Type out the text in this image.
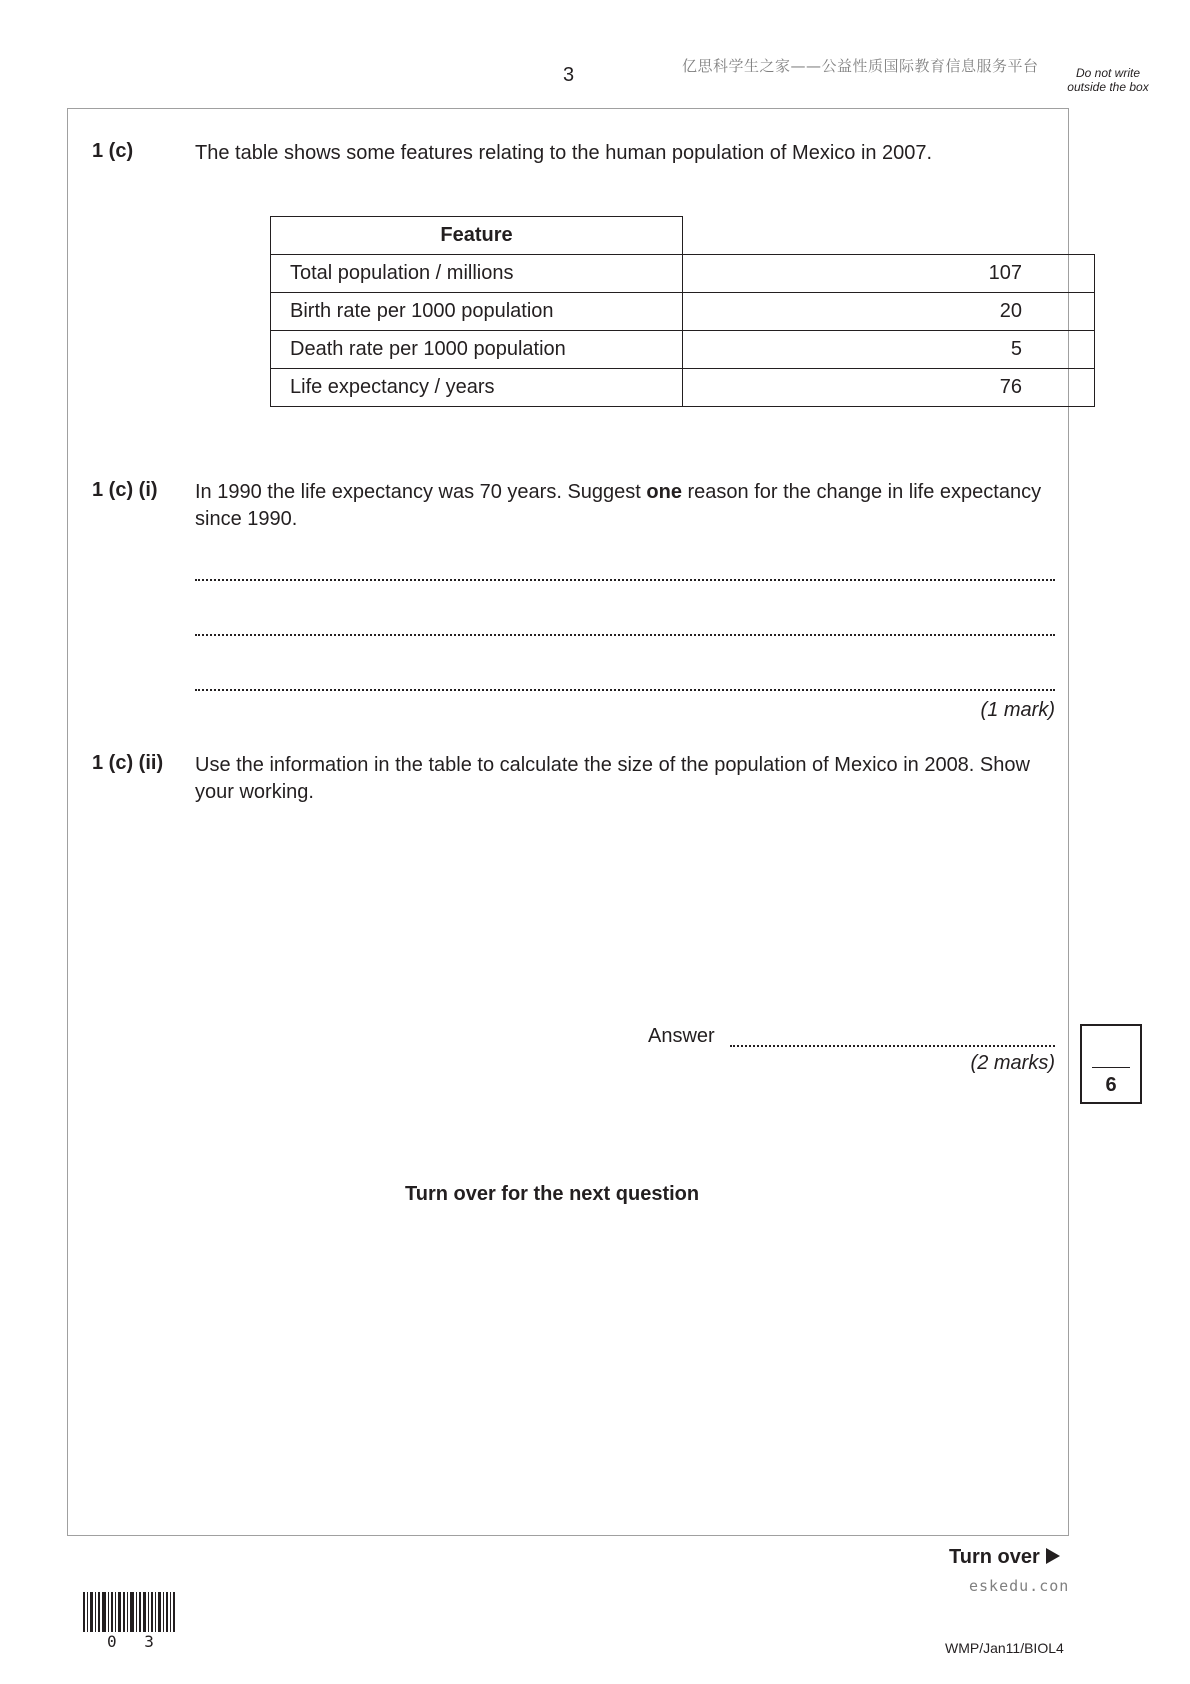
3	亿思科学生之家——公益性质国际教育信息服务平台	Do not write outside the box
1 (c)	The table shows some features relating to the human population of Mexico in 2007.
Feature	
Total population / millions	107
Birth rate per 1000 population	20
Death rate per 1000 population	5
Life expectancy / years	76
1 (c) (i) In 1990 the life expectancy was 70 years. Suggest one reason for the change in life expectancy since 1990.
(1 mark)
1 (c) (ii) Use the information in the table to calculate the size of the population of Mexico in 2008. Show your working.
Answer
(2 marks)
6
Turn over for the next question
Turn over
eskedu.con
0 3	WMP/Jan11/BIOL4
